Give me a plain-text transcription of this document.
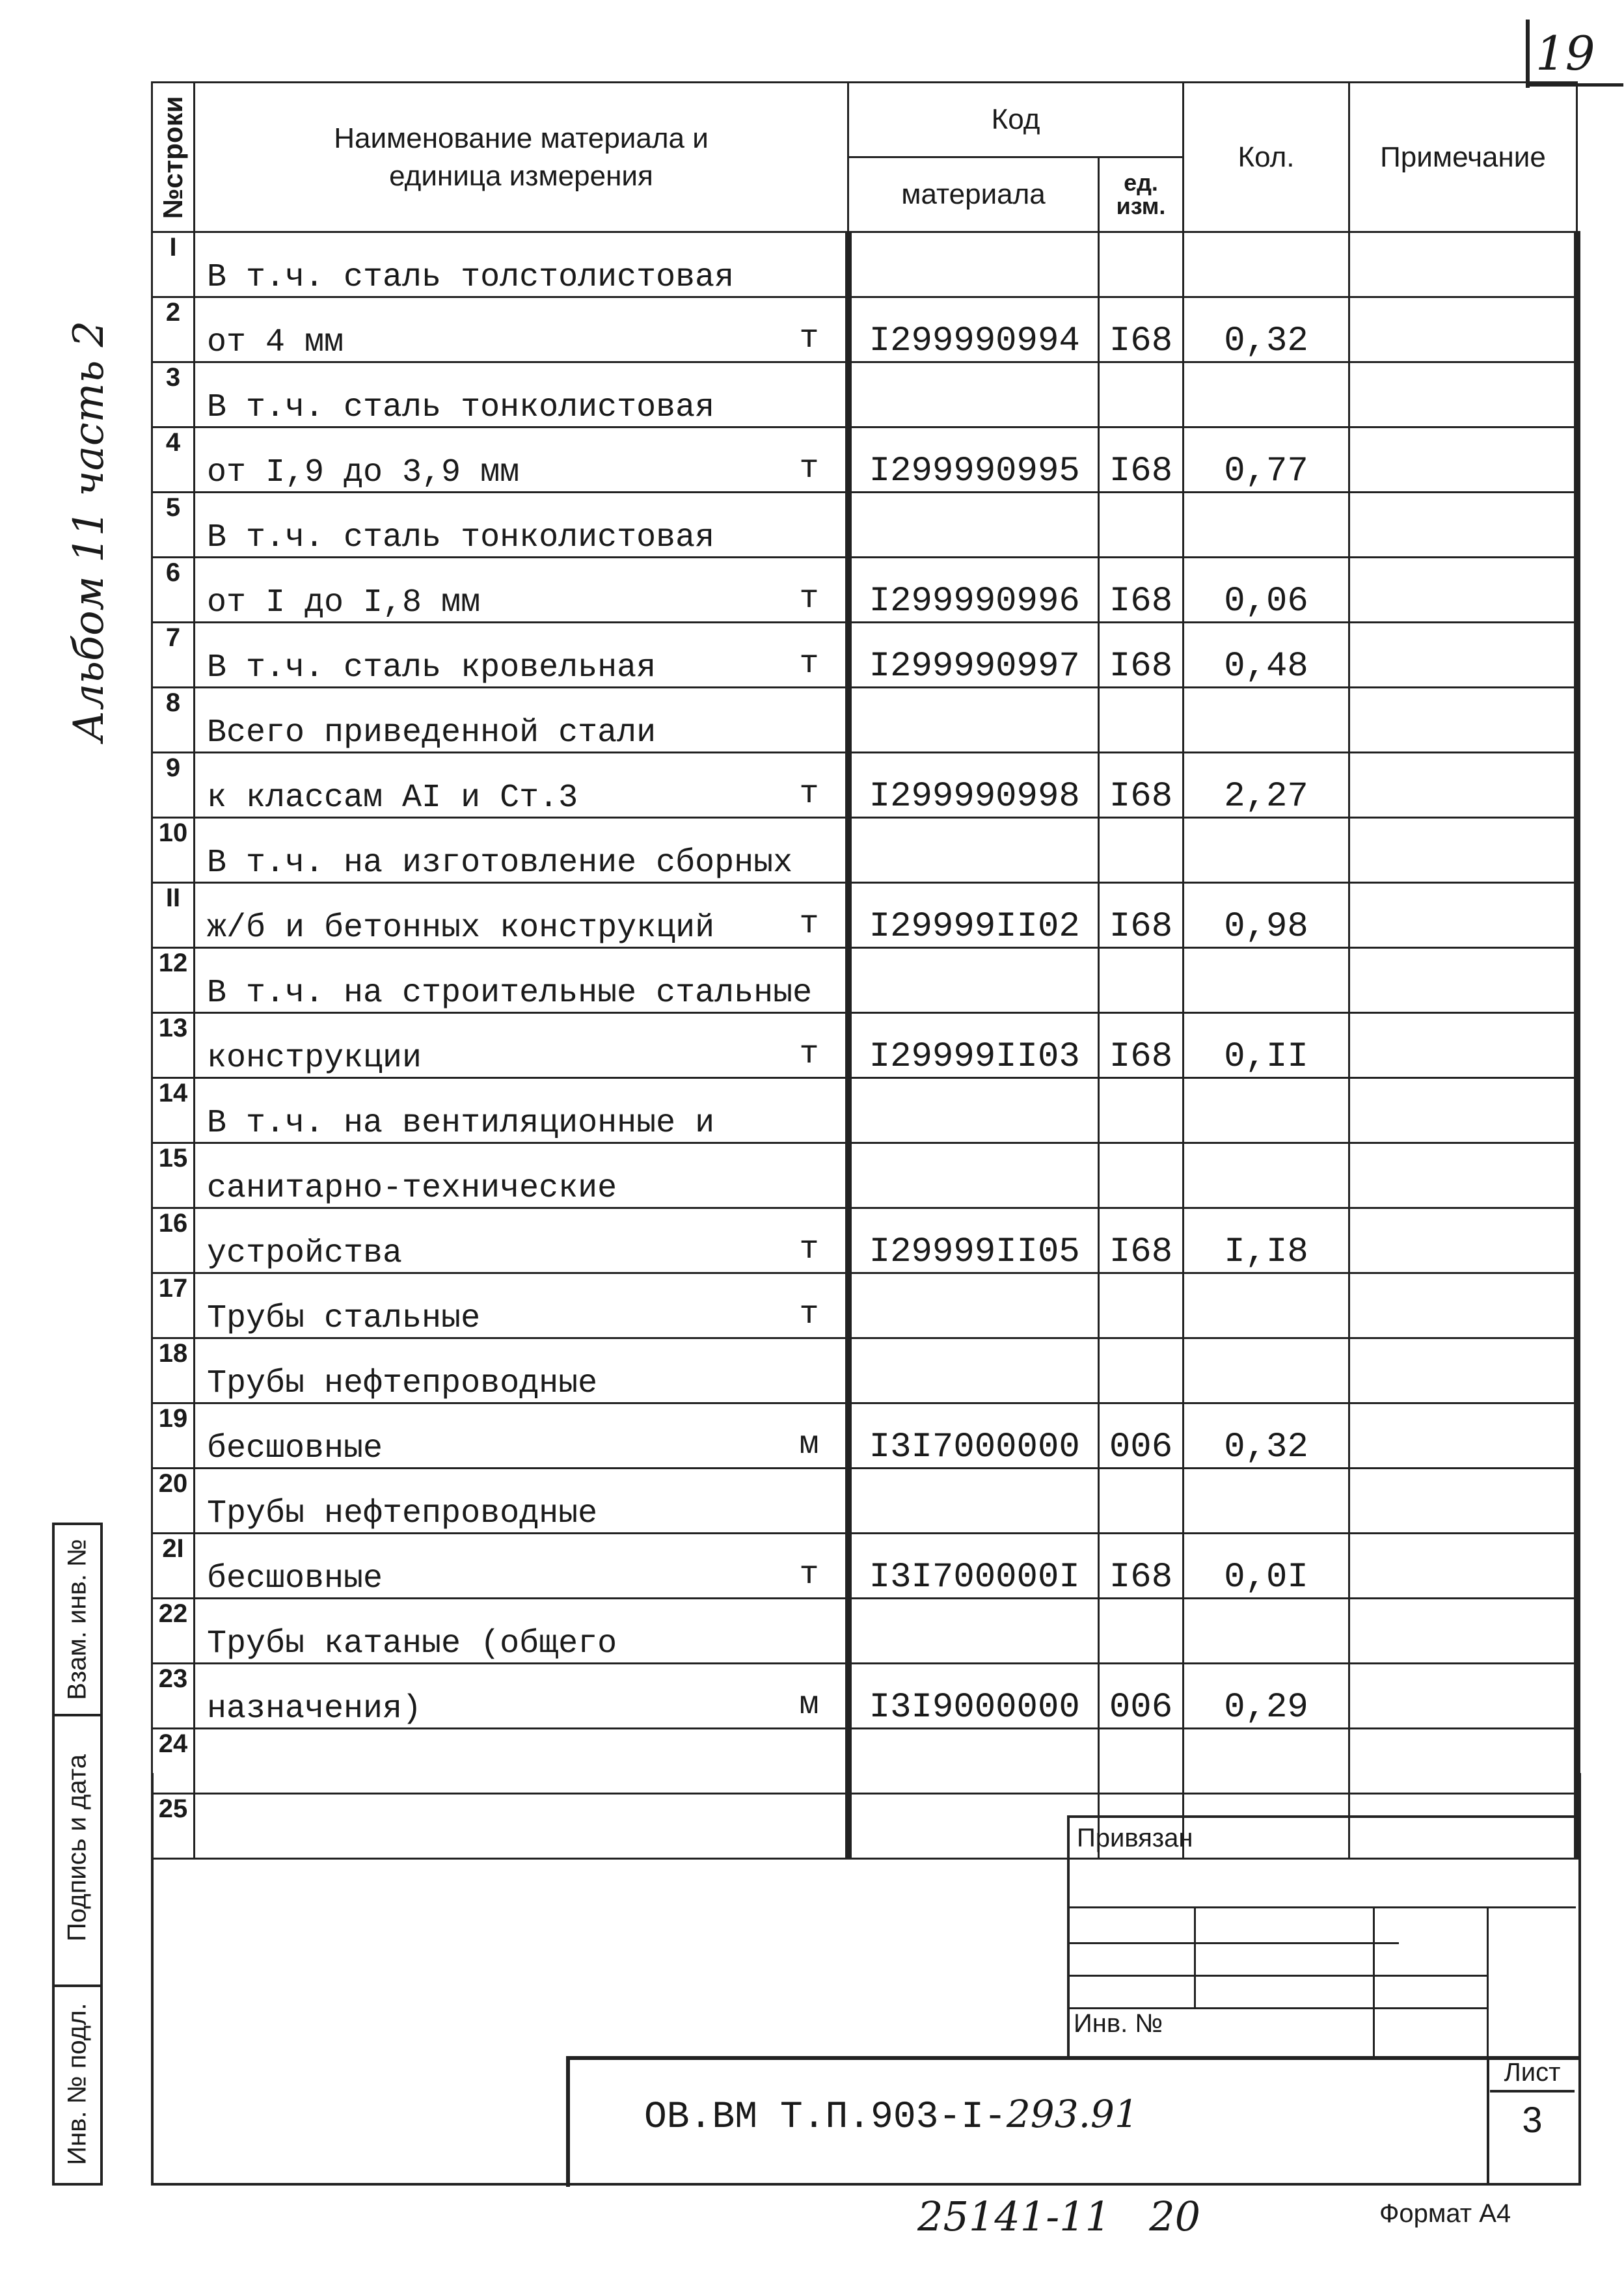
19
Альбом 11 часть 2
№строки	Наименование материала и
единица измерения	Код		Кол.	Примечание
		материала	ед.
изм.		
I	В т.ч. сталь толстолистовая

2	от 4 мм т	I299990994	I68	0,32	
3	В т.ч. сталь тонколистовая

4	от I,9 до 3,9 мм т	I299990995	I68	0,77	
5	В т.ч. сталь тонколистовая

6	от I до I,8 мм т	I299990996	I68	0,06	
7	В т.ч. сталь кровельная т	I299990997	I68	0,48	
8	Всего приведенной стали

9	к классам AI и Ст.3 т	I299990998	I68	2,27	
10	В т.ч. на изготовление сборных

II	ж/б и бетонных конструкций т	I29999II02	I68	0,98	
12	В т.ч. на строительные стальные

13	конструкции т	I29999II03	I68	0,II	
14	В т.ч. на вентиляционные и

15	санитарно-технические

16	устройства т	I29999II05	I68	I,I8	
17	Трубы стальные т				

18	Трубы нефтепроводные

19	бесшовные м	I3I7000000	006	0,32	
20	Трубы нефтепроводные

2I	бесшовные т	I3I700000I	I68	0,0I	
22	Трубы катаные (общего

23	назначения) м	I3I9000000	006	0,29	
24	

25	

Взам. инв. №
Подпись и дата
Инв. № подл.
Привязан
Инв. №
ОВ.ВМ Т.П.903-I-293.91
Лист
3
25141-11   20	Формат А4
